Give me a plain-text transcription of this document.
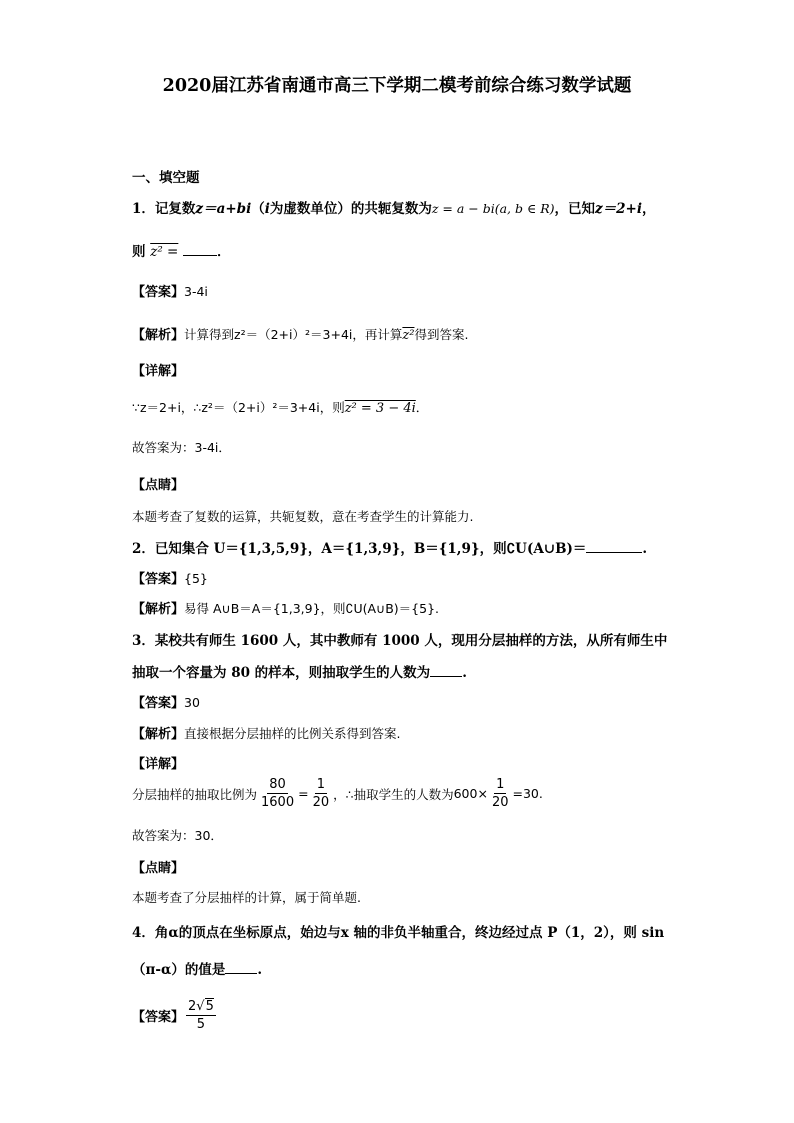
2020届江苏省南通市高三下学期二模考前综合练习数学试题
一、填空题
1．记复数z＝a+bi（i为虚数单位）的共轭复数为z = a − bi(a, b ∈ R)，已知z＝2+i，
则 z² =	．
【答案】3-4i
【解析】计算得到z²＝（2+i）²＝3+4i，再计算z²得到答案.
【详解】
∵z＝2+i，∴z²＝（2+i）²＝3+4i，则z² = 3 − 4i．
故答案为：3-4i．
【点睛】
本题考查了复数的运算，共轭复数，意在考查学生的计算能力.
2．已知集合 U＝{1,3,5,9}，A＝{1,3,9}，B＝{1,9}，则∁U(A∪B)＝	.
【答案】{5}
【解析】易得 A∪B＝A＝{1,3,9}，则∁U(A∪B)＝{5}.
3．某校共有师生 1600 人，其中教师有 1000 人，现用分层抽样的方法，从所有师生中
抽取一个容量为 80 的样本，则抽取学生的人数为 .
【答案】30
【解析】直接根据分层抽样的比例关系得到答案.
【详解】
分层抽样的抽取比例为 $\frac{80}{1600} = \frac{1}{20}$ ，∴抽取学生的人数为 $600\times \frac{1}{20} =30$.
故答案为：30．
【点睛】
本题考查了分层抽样的计算，属于简单题.
4．角α的顶点在坐标原点，始边与x 轴的非负半轴重合，终边经过点 P（1，2），则 sin
（π-α）的值是 .
【答案】 $\frac{2√5}{5}$
